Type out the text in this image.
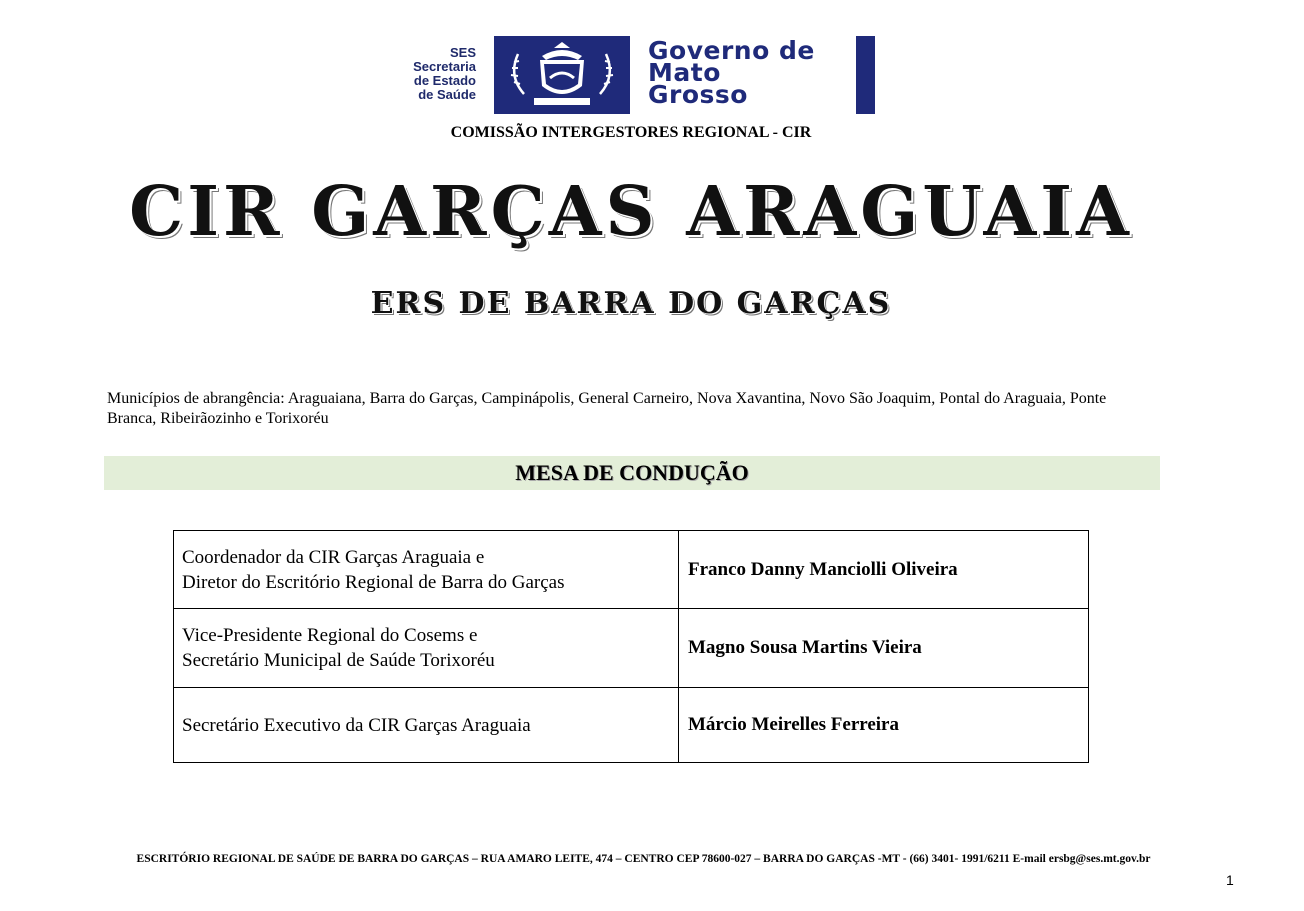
SES
Secretaria
de Estado
de Saúde
Governo de
Mato
Grosso
COMISSÃO INTERGESTORES REGIONAL - CIR
CIR GARÇAS ARAGUAIA
ERS DE BARRA DO GARÇAS
Municípios de abrangência: Araguaiana, Barra do Garças, Campinápolis, General Carneiro, Nova Xavantina, Novo São Joaquim, Pontal do Araguaia, Ponte Branca, Ribeirãozinho e Torixoréu
MESA DE CONDUÇÃO
Coordenador da CIR Garças Araguaia e
Diretor do Escritório Regional de Barra do Garças	Franco Danny Manciolli Oliveira

Vice-Presidente Regional do Cosems e
Secretário Municipal de Saúde Torixoréu	Magno Sousa Martins Vieira

Secretário Executivo da CIR Garças Araguaia	Márcio Meirelles Ferreira
ESCRITÓRIO REGIONAL DE SAÚDE DE BARRA DO GARÇAS – RUA AMARO LEITE, 474 – CENTRO CEP 78600-027 – BARRA DO GARÇAS -MT - (66) 3401- 1991/6211 E-mail ersbg@ses.mt.gov.br
1
